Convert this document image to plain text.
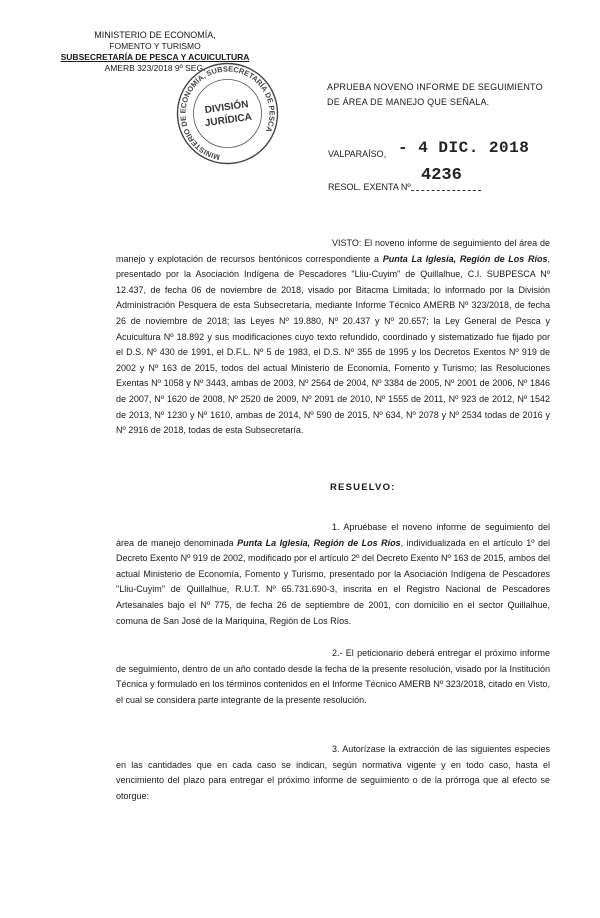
MINISTERIO DE ECONOMÍA,
FOMENTO Y TURISMO
SUBSECRETARÍA DE PESCA Y ACUICULTURA
AMERB 323/2018 9º SEG.
MINISTERIO DE ECONOMÍA, SUBSECRETARÍA DE PESCA
DIVISIÓN
JURÍDICA
APRUEBA NOVENO INFORME DE SEGUIMIENTO
DE ÁREA DE MANEJO QUE SEÑALA.
VALPARAÍSO, - 4 DIC. 2018
RESOL. EXENTA Nº
4236
VISTO: El noveno informe de seguimiento del área de manejo y explotación de recursos bentónicos correspondiente a Punta La Iglesia, Región de Los Ríos, presentado por la Asociación Indígena de Pescadores "Lliu-Cuyim" de Quillalhue, C.I. SUBPESCA Nº 12.437, de fecha 06 de noviembre de 2018, visado por Bitacma Limitada; lo informado por la División Administración Pesquera de esta Subsecretaría, mediante Informe Técnico AMERB Nº 323/2018, de fecha 26 de noviembre de 2018; las Leyes Nº 19.880, Nº 20.437 y Nº 20.657; la Ley General de Pesca y Acuicultura Nº 18.892 y sus modificaciones cuyo texto refundido, coordinado y sistematizado fue fijado por el D.S. Nº 430 de 1991, el D.F.L. Nº 5 de 1983, el D.S. Nº 355 de 1995 y los Decretos Exentos Nº 919 de 2002 y Nº 163 de 2015, todos del actual Ministerio de Economía, Fomento y Turismo; las Resoluciones Exentas Nº 1058 y Nº 3443, ambas de 2003, Nº 2564 de 2004, Nº 3384 de 2005, Nº 2001 de 2006, Nº 1846 de 2007, Nº 1620 de 2008, Nº 2520 de 2009, Nº 2091 de 2010, Nº 1555 de 2011, Nº 923 de 2012, Nº 1542 de 2013, Nº 1230 y Nº 1610, ambas de 2014, Nº 590 de 2015, Nº 634, Nº 2078 y Nº 2534 todas de 2016 y Nº 2916 de 2018, todas de esta Subsecretaría.
RESUELVO:
1. Apruébase el noveno informe de seguimiento del área de manejo denominada Punta La Iglesia, Región de Los Ríos, individualizada en el artículo 1º del Decreto Exento Nº 919 de 2002, modificado por el artículo 2º del Decreto Exento Nº 163 de 2015, ambos del actual Ministerio de Economía, Fomento y Turismo, presentado por la Asociación Indígena de Pescadores "Lliu-Cuyim" de Quillalhue, R.U.T. Nº 65.731.690-3, inscrita en el Registro Nacional de Pescadores Artesanales bajo el Nº 775, de fecha 26 de septiembre de 2001, con domicilio en el sector Quillalhue, comuna de San José de la Mariquina, Región de Los Ríos.
2.- El peticionario deberá entregar el próximo informe de seguimiento, dentro de un año contado desde la fecha de la presente resolución, visado por la Institución Técnica y formulado en los términos contenidos en el Informe Técnico AMERB Nº 323/2018, citado en Visto, el cual se considera parte integrante de la presente resolución.
3. Autorízase la extracción de las siguientes especies en las cantidades que en cada caso se indican, según normativa vigente y en todo caso, hasta el vencimiento del plazo para entregar el próximo informe de seguimiento o de la prórroga que al efecto se otorgue:
